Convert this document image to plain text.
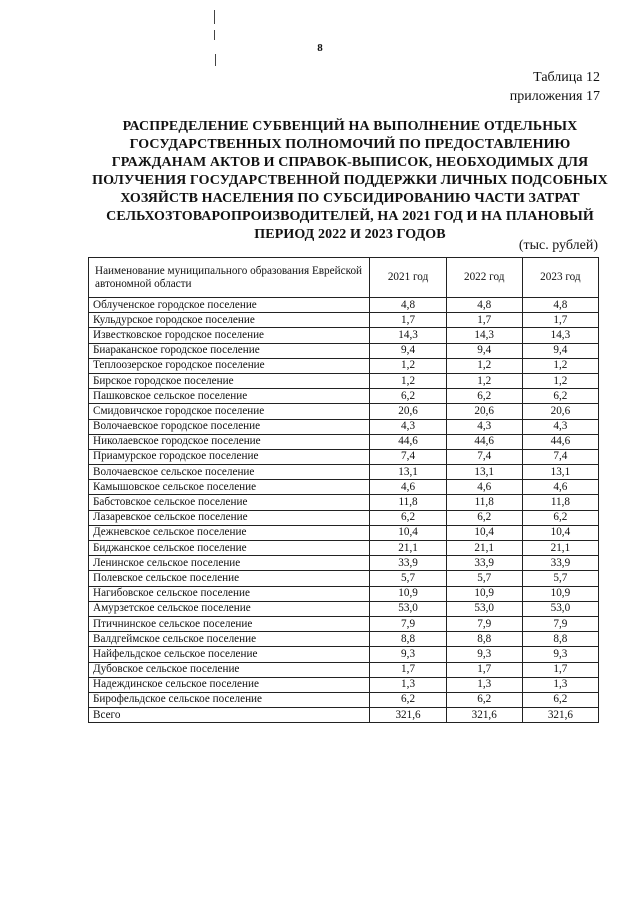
8
Таблица 12
приложения 17
РАСПРЕДЕЛЕНИЕ СУБВЕНЦИЙ НА ВЫПОЛНЕНИЕ ОТДЕЛЬНЫХ ГОСУДАРСТВЕННЫХ ПОЛНОМОЧИЙ ПО ПРЕДОСТАВЛЕНИЮ ГРАЖДАНАМ АКТОВ И СПРАВОК-ВЫПИСОК, НЕОБХОДИМЫХ ДЛЯ ПОЛУЧЕНИЯ ГОСУДАРСТВЕННОЙ ПОДДЕРЖКИ ЛИЧНЫХ ПОДСОБНЫХ ХОЗЯЙСТВ НАСЕЛЕНИЯ ПО СУБСИДИРОВАНИЮ ЧАСТИ ЗАТРАТ СЕЛЬХОЗТОВАРОПРОИЗВОДИТЕЛЕЙ, НА 2021 ГОД И НА ПЛАНОВЫЙ ПЕРИОД 2022 И 2023 ГОДОВ
(тыс. рублей)
Наименование муниципального образования Еврейской автономной области	2021 год	2022 год	2023 год
Облученское городское поселение	4,8	4,8	4,8
Кульдурское городское поселение	1,7	1,7	1,7
Известковское городское поселение	14,3	14,3	14,3
Биараканское городское поселение	9,4	9,4	9,4
Теплоозерское городское поселение	1,2	1,2	1,2
Бирское городское поселение	1,2	1,2	1,2
Пашковское сельское поселение	6,2	6,2	6,2
Смидовичское городское поселение	20,6	20,6	20,6
Волочаевское городское поселение	4,3	4,3	4,3
Николаевское городское поселение	44,6	44,6	44,6
Приамурское городское поселение	7,4	7,4	7,4
Волочаевское сельское поселение	13,1	13,1	13,1
Камышовское сельское поселение	4,6	4,6	4,6
Бабстовское сельское поселение	11,8	11,8	11,8
Лазаревское сельское поселение	6,2	6,2	6,2
Дежневское сельское поселение	10,4	10,4	10,4
Биджанское сельское поселение	21,1	21,1	21,1
Ленинское сельское поселение	33,9	33,9	33,9
Полевское сельское поселение	5,7	5,7	5,7
Нагибовское сельское поселение	10,9	10,9	10,9
Амурзетское сельское поселение	53,0	53,0	53,0
Птичнинское сельское поселение	7,9	7,9	7,9
Валдгеймское сельское поселение	8,8	8,8	8,8
Найфельдское сельское поселение	9,3	9,3	9,3
Дубовское сельское поселение	1,7	1,7	1,7
Надеждинское сельское поселение	1,3	1,3	1,3
Бирофельдское сельское поселение	6,2	6,2	6,2
Всего	321,6	321,6	321,6
